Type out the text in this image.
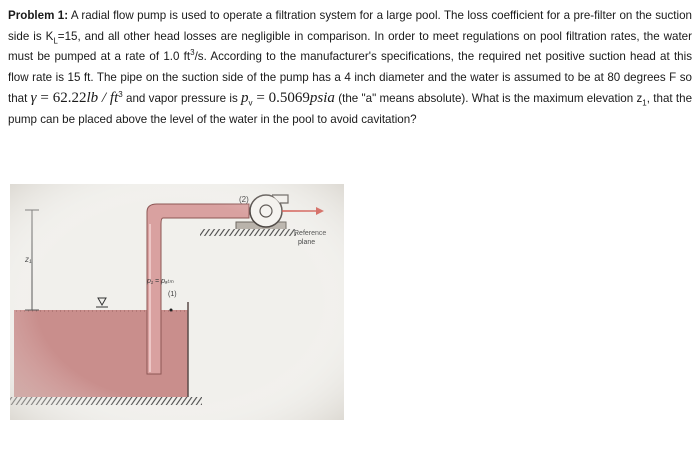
Problem 1: A radial flow pump is used to operate a filtration system for a large pool. The loss coefficient for a pre-filter on the suction side is $K_L=15$, and all other head losses are negligible in comparison. In order to meet regulations on pool filtration rates, the water must be pumped at a rate of 1.0 $ft^3/s$. According to the manufacturer's specifications, the required net positive suction head at this flow rate is 15 ft. The pipe on the suction side of the pump has a 4 inch diameter and the water is assumed to be at 80 degrees F so that $\gamma = 62.22lb / ft^3$ and vapor pressure is $p_v$ = 0.5069psia (the "a" means absolute). What is the maximum elevation $z_1$, that the pump can be placed above the level of the water in the pool to avoid cavitation?
